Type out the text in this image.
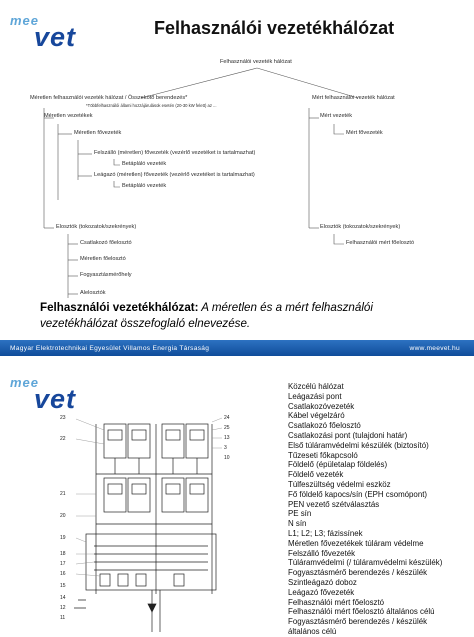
mee
vet	Felhasználói vezetékhálózat
Felhasználói vezeték hálózat
Méretlen felhasználói vezeték hálózat / Összekötő berendezés*
*Többfelhasználói állami hozzájárulások esetén (20-30 kW felett) az ...
Mért felhasználói vezeték hálózat
Méretlen vezetékek
Méretlen fővezeték
Felszálló (méretlen) fővezeték (vezérlő vezetéket is tartalmazhat)
Betápláló vezeték
Leágazó (méretlen) fővezeték (vezérlő vezetéket is tartalmazhat)
Betápláló vezeték
Elosztók (tokozatok/szekrények)
Csatlakozó főelosztó
Méretlen főelosztó
Fogyasztásmérőhely
Alelosztók
Mért vezeték
Mért fővezeték
Elosztók (tokozatok/szekrények)
Felhasználói mért főelosztó
Felhasználói vezetékhálózat: A méretlen és a mért felhasználói vezetékhálózat összefoglaló elnevezése.
Magyar Elektrotechnikai Egyesület Villamos Energia Társaság	www.meevet.hu
mee
vet
23
22
21
20
19
18
17
16
15
14
12
11
24
25
13
3
10
Közcélú hálózat
Leágazási pont
Csatlakozóvezeték
Kábel végelzáró
Csatlakozó főelosztó
Csatlakozási pont (tulajdoni határ)
Első túláramvédelmi készülék (biztosító)
Tűzeseti főkapcsoló
Földelő (épületalap földelés)
Földelő vezeték
Túlfeszültség védelmi eszköz
Fő földelő kapocs/sín (EPH csomópont)
PEN vezető szétválasztás
PE sín
N sín
L1; L2; L3; fázissínek
Méretlen fővezetékek túláram védelme
Felszálló fővezeték
Túláramvédelmi (/ túláramvédelmi készülék)
Fogyasztásmérő berendezés / készülék
Szintleágazó doboz
Leágazó fővezeték
Felhasználói mért főelosztó
Felhasználói mért főelosztó általános célú
Fogyasztásmérő berendezés / készülék
általános célú
